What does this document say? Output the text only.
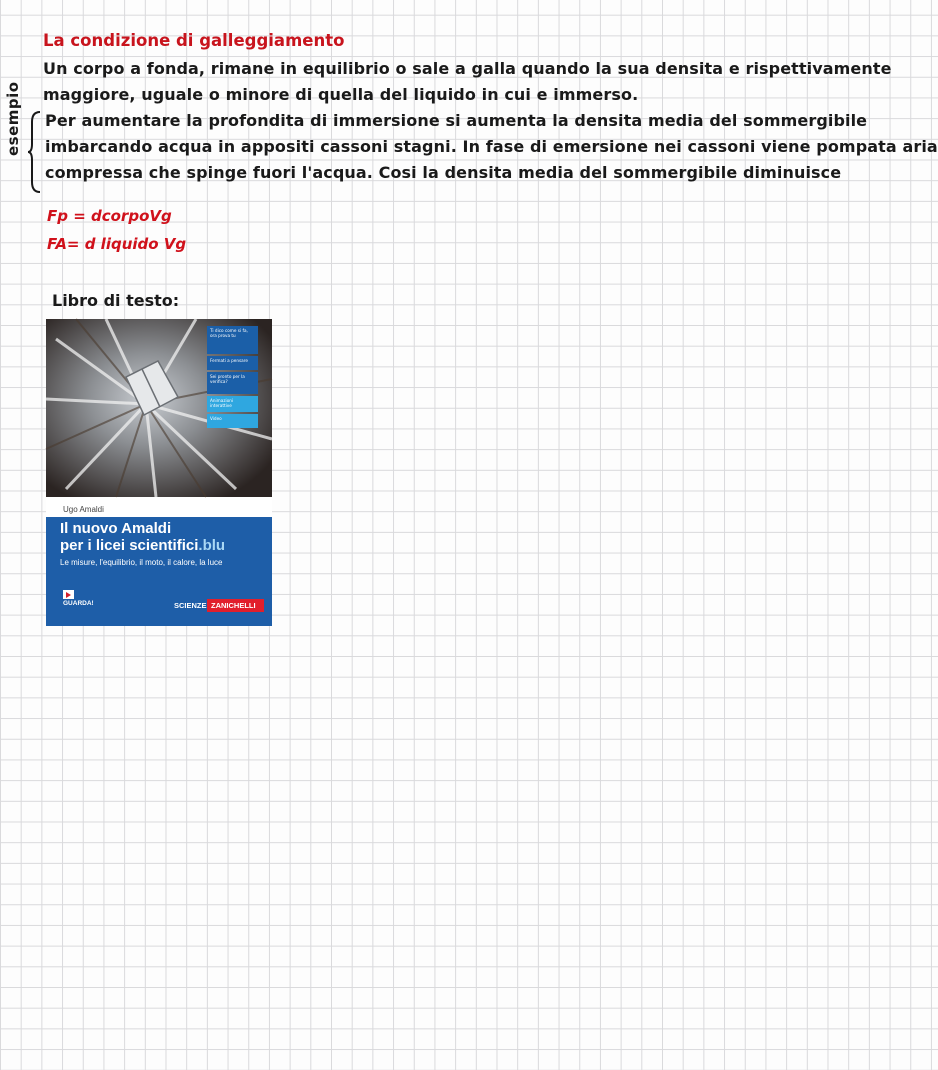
La condizione di galleggiamento
Un corpo a fonda, rimane in equilibrio o sale a galla quando la sua densita e rispettivamente
maggiore, uguale o minore di quella del liquido in cui e immerso.
esempio Per aumentare la profondita di immersione si aumenta la densita media del sommergibile
imbarcando acqua in appositi cassoni stagni. In fase di emersione nei cassoni viene pompata aria
compressa che spinge fuori l'acqua. Cosi la densita media del sommergibile diminuisce
Fp = dcorpoVg
FA= d liquido Vg
Libro di testo:
Ti dico come si fa, ora prova tu
Fermati a pensare
Sei pronto per la verifica?
Animazioni interattive
Video
Ugo Amaldi
Il nuovo Amaldi
per i licei scientifici.blu
Le misure, l'equilibrio, il moto, il calore, la luce
GUARDA!	SCIENZE ZANICHELLI
